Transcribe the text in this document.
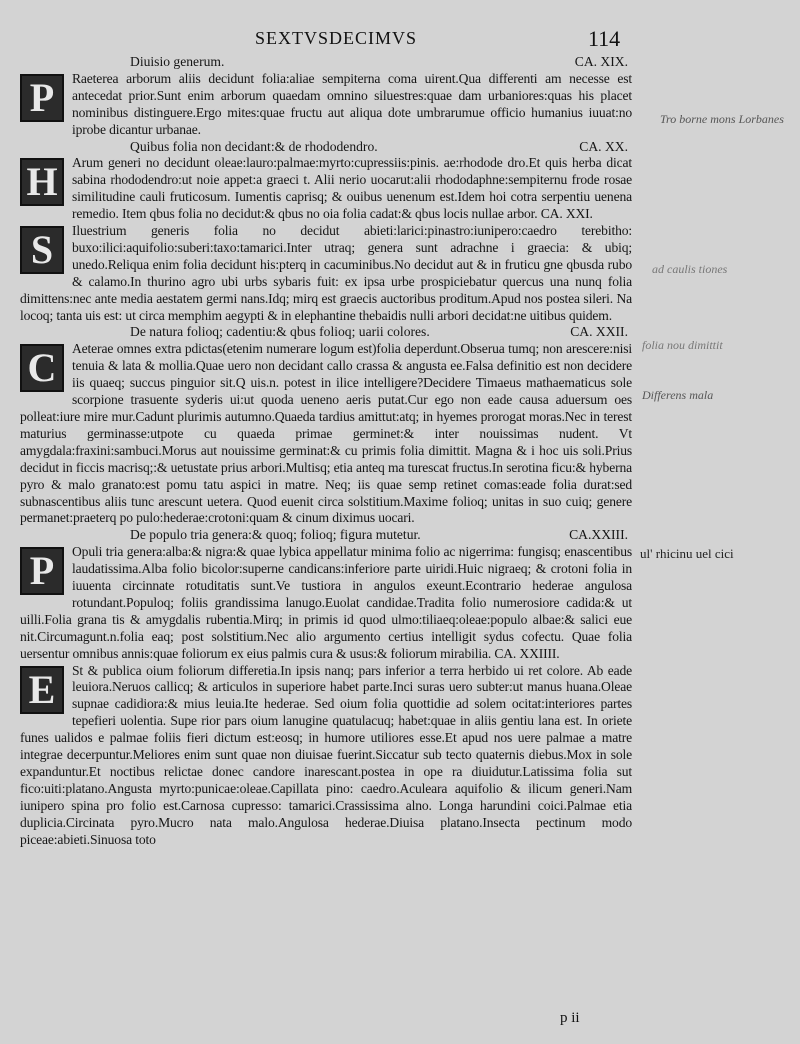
SEXTVSDECIMVS	114
Diuisio generum.	CA. XIX.
P	Raeterea arborum aliis decidunt folia:aliae sempiterna coma uirent.Qua differenti am necesse est antecedat prior.Sunt enim arborum quaedam omnino siluestres:quae dam urbaniores:quas his placet nominibus distinguere.Ergo mites:quae fructu aut aliqua dote umbrarumue officio humanius iuuat:no iprobe dicantur urbanae.

Quibus folia non decidant:& de rhododendro.	CA. XX.
H	Arum generi no decidunt oleae:lauro:palmae:myrto:cupressiis:pinis. ae:rhodode dro.Et quis herba dicat sabina rhododendro:ut noie appet:a graeci t. Alii nerio uocarut:alii rhododaphne:sempiternu frode rosae similitudine cauli fruticosum. Iumentis caprisq; & ouibus uenenum est.Idem hoi cotra serpentiu uenena remedio. Item qbus folia no decidut:& qbus no oia folia cadat:& qbus locis nullae arbor. CA. XXI.

S	Iluestrium generis folia no decidut abieti:larici:pinastro:iunipero:caedro terebitho: buxo:ilici:aquifolio:suberi:taxo:tamarici.Inter utraq; genera sunt adrachne i graecia: & ubiq; unedo.Reliqua enim folia decidunt his:pterq in cacuminibus.No decidut aut & in fruticu gne qbusda rubo & calamo.In thurino agro ubi urbs sybaris fuit: ex ipsa urbe prospiciebatur quercus una nunq folia dimittens:nec ante media aestatem germi nans.Idq; mirq est graecis auctoribus proditum.Apud nos postea sileri. Na locoq; tanta uis est: ut circa memphim aegypti & in elephantine thebaidis nulli arbori decidat:ne uitibus quidem.

De natura folioq; cadentiu:& qbus folioq; uarii colores.	CA. XXII.
C	Aeterae omnes extra pdictas(etenim numerare logum est)folia deperdunt.Obserua tumq; non arescere:nisi tenuia & lata & mollia.Quae uero non decidant callo crassa & angusta ee.Falsa definitio est non decidere iis quaeq; succus pinguior sit.Q uis.n. potest in ilice intelligere?Decidere Timaeus mathaematicus sole scorpione trasuente syderis ui:ut quoda ueneno aeris putat.Cur ego non eade causa aduersum oes polleat:iure mire mur.Cadunt plurimis autumno.Quaeda tardius amittut:atq; in hyemes prorogat moras.Nec in terest maturius germinasse:utpote cu quaeda primae germinet:& inter nouissimas nudent. Vt amygdala:fraxini:sambuci.Morus aut nouissime germinat:& cu primis folia dimittit. Magna & i hoc uis soli.Prius decidut in ficcis macrisq;:& uetustate prius arbori.Multisq; etia anteq ma turescat fructus.In serotina ficu:& hyberna pyro & malo granato:est pomu tatu aspici in matre. Neq; iis quae semp retinet comas:eade folia durat:sed subnascentibus aliis tunc arescunt uetera. Quod euenit circa solstitium.Maxime folioq; unitas in suo cuiq; genere permanet:praeterq po pulo:hederae:crotoni:quam & cinum diximus uocari.

De populo tria genera:& quoq; folioq; figura mutetur.	CA.XXIII.
P	Opuli tria genera:alba:& nigra:& quae lybica appellatur minima folio ac nigerrima: fungisq; enascentibus laudatissima.Alba folio bicolor:superne candicans:inferiore parte uiridi.Huic nigraeq; & crotoni folia in iuuenta circinnate rotuditatis sunt.Ve tustiora in angulos exeunt.Econtrario hederae angulosa rotundant.Populoq; foliis grandissima lanugo.Euolat candidae.Tradita folio numerosiore cadida:& ut uilli.Folia grana tis & amygdalis rubentia.Mirq; in primis id quod ulmo:tiliaeq:oleae:populo albae:& salici eue nit.Circumagunt.n.folia eaq; post solstitium.Nec alio argumento certius intelligit sydus cofectu. Quae folia uersentur omnibus annis:quae foliorum ex eius palmis cura & usus:& foliorum mirabilia. CA. XXIIII.

E	St & publica oium foliorum differetia.In ipsis nanq; pars inferior a terra herbido ui ret colore. Ab eade leuiora.Neruos callicq; & articulos in superiore habet parte.Inci suras uero subter:ut manus huana.Oleae supnae cadidiora:& mius leuia.Ite hederae. Sed oium folia quottidie ad solem ocitat:interiores partes tepefieri uolentia. Supe rior pars oium lanugine quatulacuq; habet:quae in aliis gentiu lana est. In oriete funes ualidos e palmae foliis fieri dictum est:eosq; in humore utiliores esse.Et apud nos uere palmae a matre integrae decerpuntur.Meliores enim sunt quae non diuisae fuerint.Siccatur sub tecto quaternis diebus.Mox in sole expanduntur.Et noctibus relictae donec candore inarescant.postea in ope ra diuidutur.Latissima folia sut fico:uiti:platano.Angusta myrto:punicae:oleae.Capillata pino: caedro.Aculeara aquifolio & ilicum generi.Nam iunipero spina pro folio est.Carnosa cupresso: tamarici.Crassissima alno. Longa harundini coici.Palmae etia duplicia.Circinata pyro.Mucro nata malo.Angulosa hederae.Diuisa platano.Insecta pectinum modo piceae:abieti.Sinuosa toto

Tro borne mons Lorbanes
ad caulis tiones
folia nou dimittit
Differens mala
ul' rhicinu uel cici
p ii
